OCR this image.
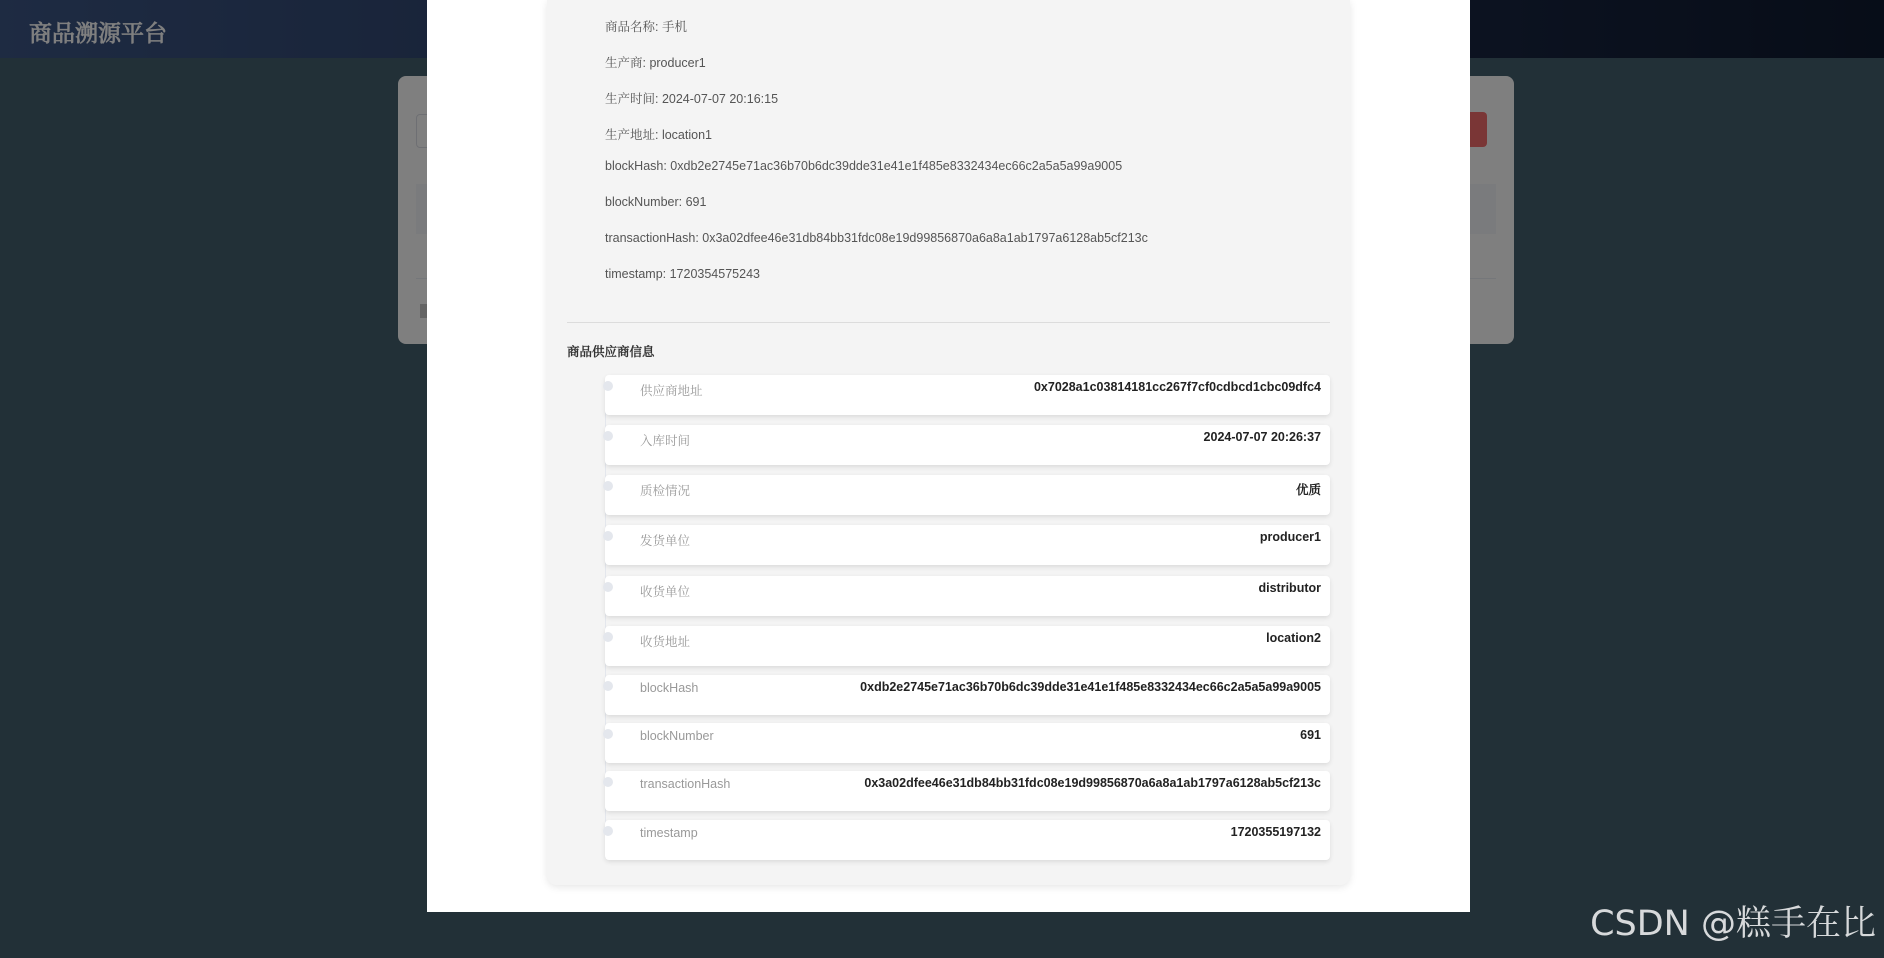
商品名称: 手机
生产商: producer1
生产时间: 2024-07-07 20:16:15
生产地址: location1
blockHash: 0xdb2e2745e71ac36b70b6dc39dde31e41e1f485e8332434ec66c2a5a5a99a9005
blockNumber: 691
transactionHash: 0x3a02dfee46e31db84bb31fdc08e19d99856870a6a8a1ab1797a6128ab5cf213c
timestamp: 1720354575243
商品供应商信息
供应商地址	0x7028a1c03814181cc267f7cf0cdbcd1cbc09dfc4
入库时间	2024-07-07 20:26:37
质检情况	优质
发货单位	producer1
收货单位	distributor
收货地址	location2
blockHash	0xdb2e2745e71ac36b70b6dc39dde31e41e1f485e8332434ec66c2a5a5a99a9005
blockNumber	691
transactionHash	0x3a02dfee46e31db84bb31fdc08e19d99856870a6a8a1ab1797a6128ab5cf213c
timestamp	1720355197132
CSDN @糕手在比
